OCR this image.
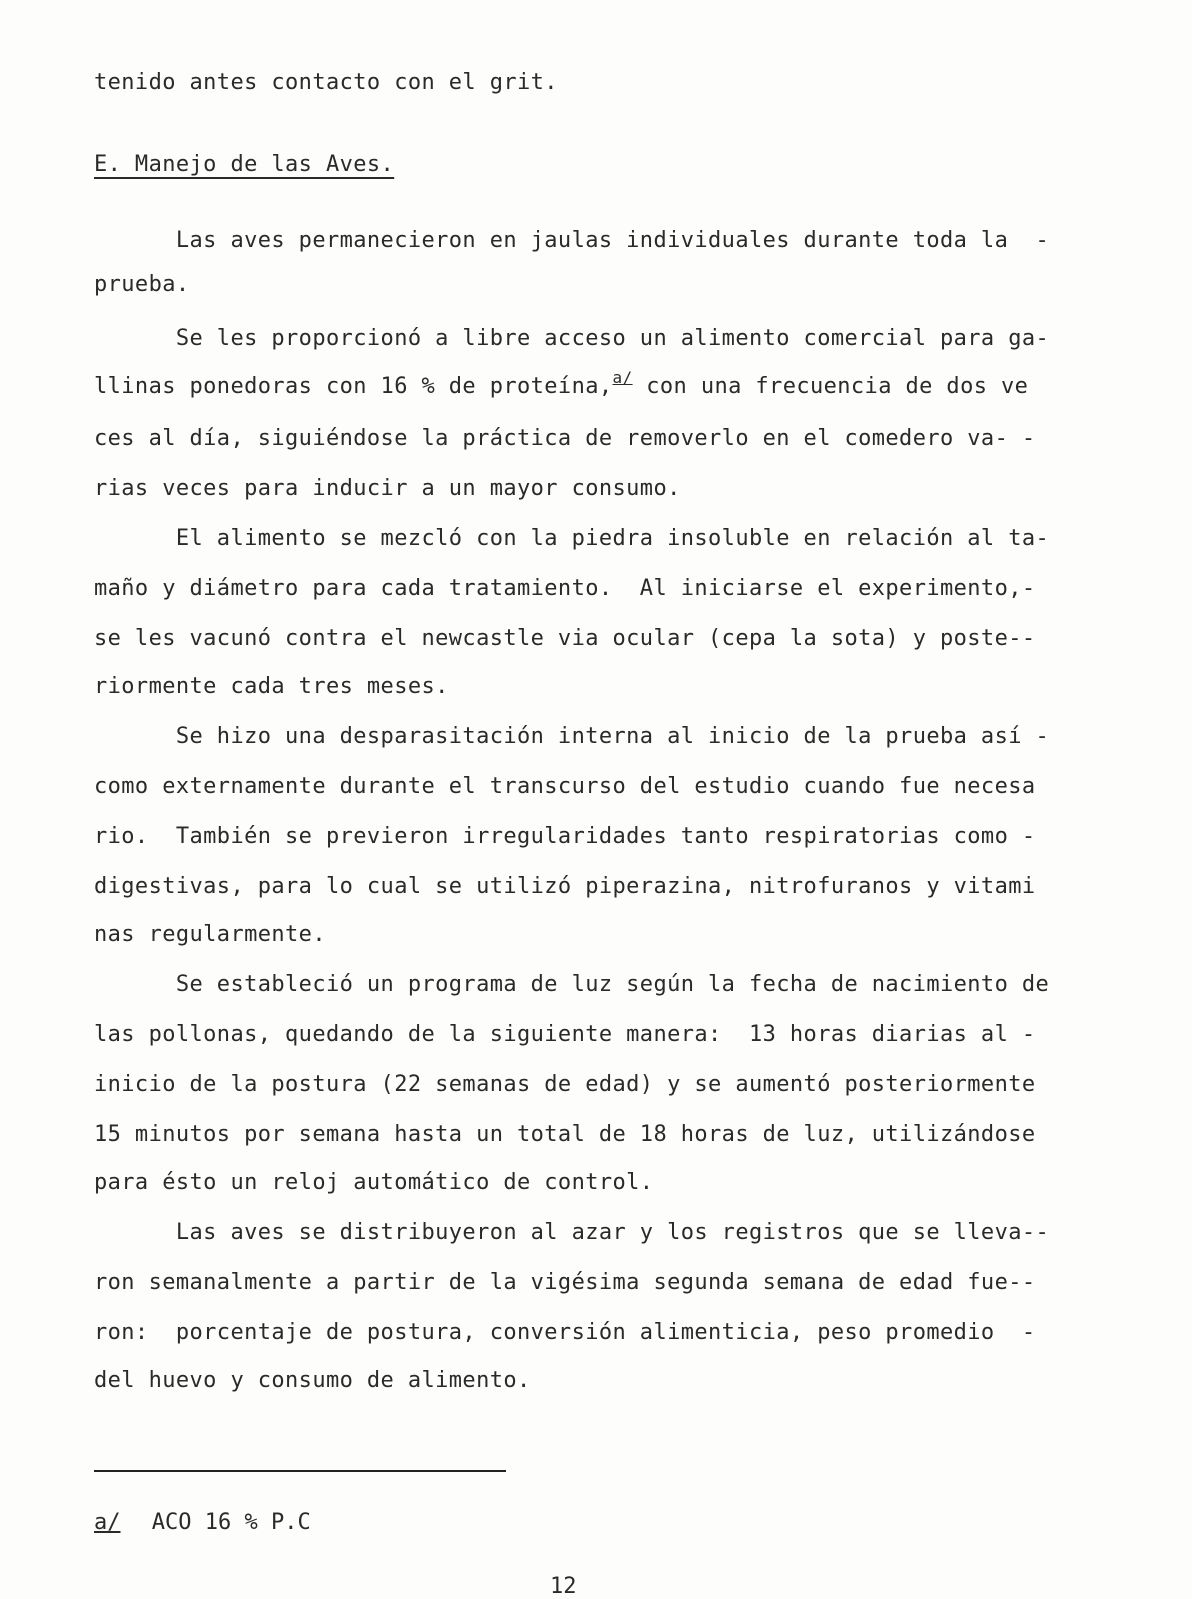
tenido antes contacto con el grit.
E. Manejo de las Aves.
Las aves permanecieron en jaulas individuales durante toda la  -
prueba.
Se les proporcionó a libre acceso un alimento comercial para ga-
llinas ponedoras con 16 % de proteína,$^{a/}$ con una frecuencia de dos ve
ces al día, siguiéndose la práctica de removerlo en el comedero va- -
rias veces para inducir a un mayor consumo.
El alimento se mezcló con la piedra insoluble en relación al ta-
maño y diámetro para cada tratamiento.  Al iniciarse el experimento,-
se les vacunó contra el newcastle via ocular (cepa la sota) y poste--
riormente cada tres meses.
Se hizo una desparasitación interna al inicio de la prueba así -
como externamente durante el transcurso del estudio cuando fue necesa
rio.  También se previeron irregularidades tanto respiratorias como -
digestivas, para lo cual se utilizó piperazina, nitrofuranos y vitami
nas regularmente.
Se estableció un programa de luz según la fecha de nacimiento de
las pollonas, quedando de la siguiente manera:  13 horas diarias al -
inicio de la postura (22 semanas de edad) y se aumentó posteriormente
15 minutos por semana hasta un total de 18 horas de luz, utilizándose
para ésto un reloj automático de control.
Las aves se distribuyeron al azar y los registros que se lleva--
ron semanalmente a partir de la vigésima segunda semana de edad fue--
ron:  porcentaje de postura, conversión alimenticia, peso promedio  -
del huevo y consumo de alimento.
a/ ACO 16 % P.C
12
